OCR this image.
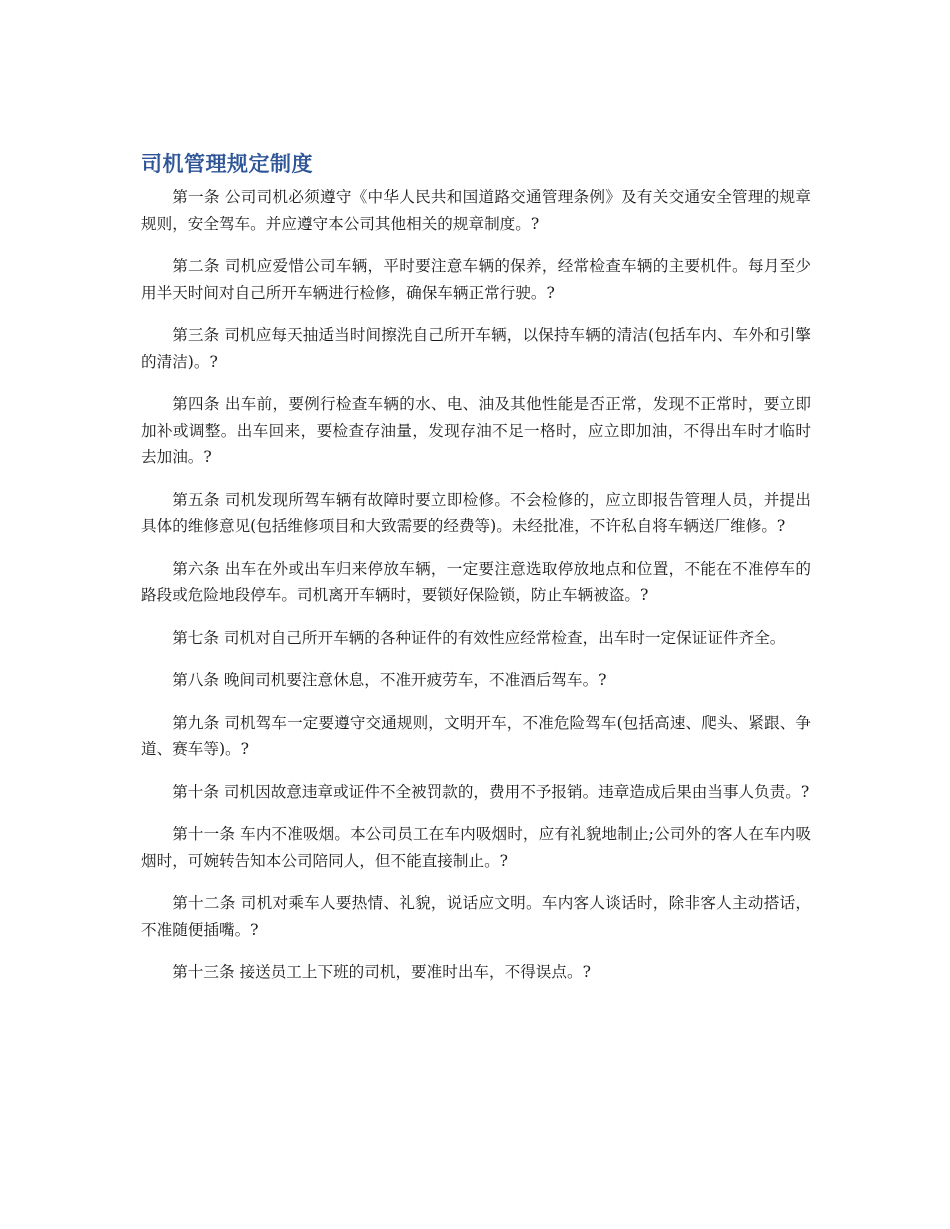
司机管理规定制度

第一条 公司司机必须遵守《中华人民共和国道路交通管理条例》及有关交通安全管理的规章规则，安全驾车。并应遵守本公司其他相关的规章制度。?

第二条 司机应爱惜公司车辆，平时要注意车辆的保养，经常检查车辆的主要机件。每月至少用半天时间对自己所开车辆进行检修，确保车辆正常行驶。?

第三条 司机应每天抽适当时间擦洗自己所开车辆，以保持车辆的清洁(包括车内、车外和引擎的清洁)。?

第四条 出车前，要例行检查车辆的水、电、油及其他性能是否正常，发现不正常时，要立即加补或调整。出车回来，要检查存油量，发现存油不足一格时，应立即加油，不得出车时才临时去加油。?

第五条 司机发现所驾车辆有故障时要立即检修。不会检修的，应立即报告管理人员，并提出具体的维修意见(包括维修项目和大致需要的经费等)。未经批准，不许私自将车辆送厂维修。?

第六条 出车在外或出车归来停放车辆，一定要注意选取停放地点和位置，不能在不准停车的路段或危险地段停车。司机离开车辆时，要锁好保险锁，防止车辆被盗。?

第七条 司机对自己所开车辆的各种证件的有效性应经常检查，出车时一定保证证件齐全。

第八条 晚间司机要注意休息，不准开疲劳车，不准酒后驾车。?

第九条 司机驾车一定要遵守交通规则，文明开车，不准危险驾车(包括高速、爬头、紧跟、争道、赛车等)。?

第十条 司机因故意违章或证件不全被罚款的，费用不予报销。违章造成后果由当事人负责。?

第十一条 车内不准吸烟。本公司员工在车内吸烟时，应有礼貌地制止;公司外的客人在车内吸烟时，可婉转告知本公司陪同人，但不能直接制止。?

第十二条 司机对乘车人要热情、礼貌，说话应文明。车内客人谈话时，除非客人主动搭话，不准随便插嘴。?

第十三条 接送员工上下班的司机，要准时出车，不得误点。?
